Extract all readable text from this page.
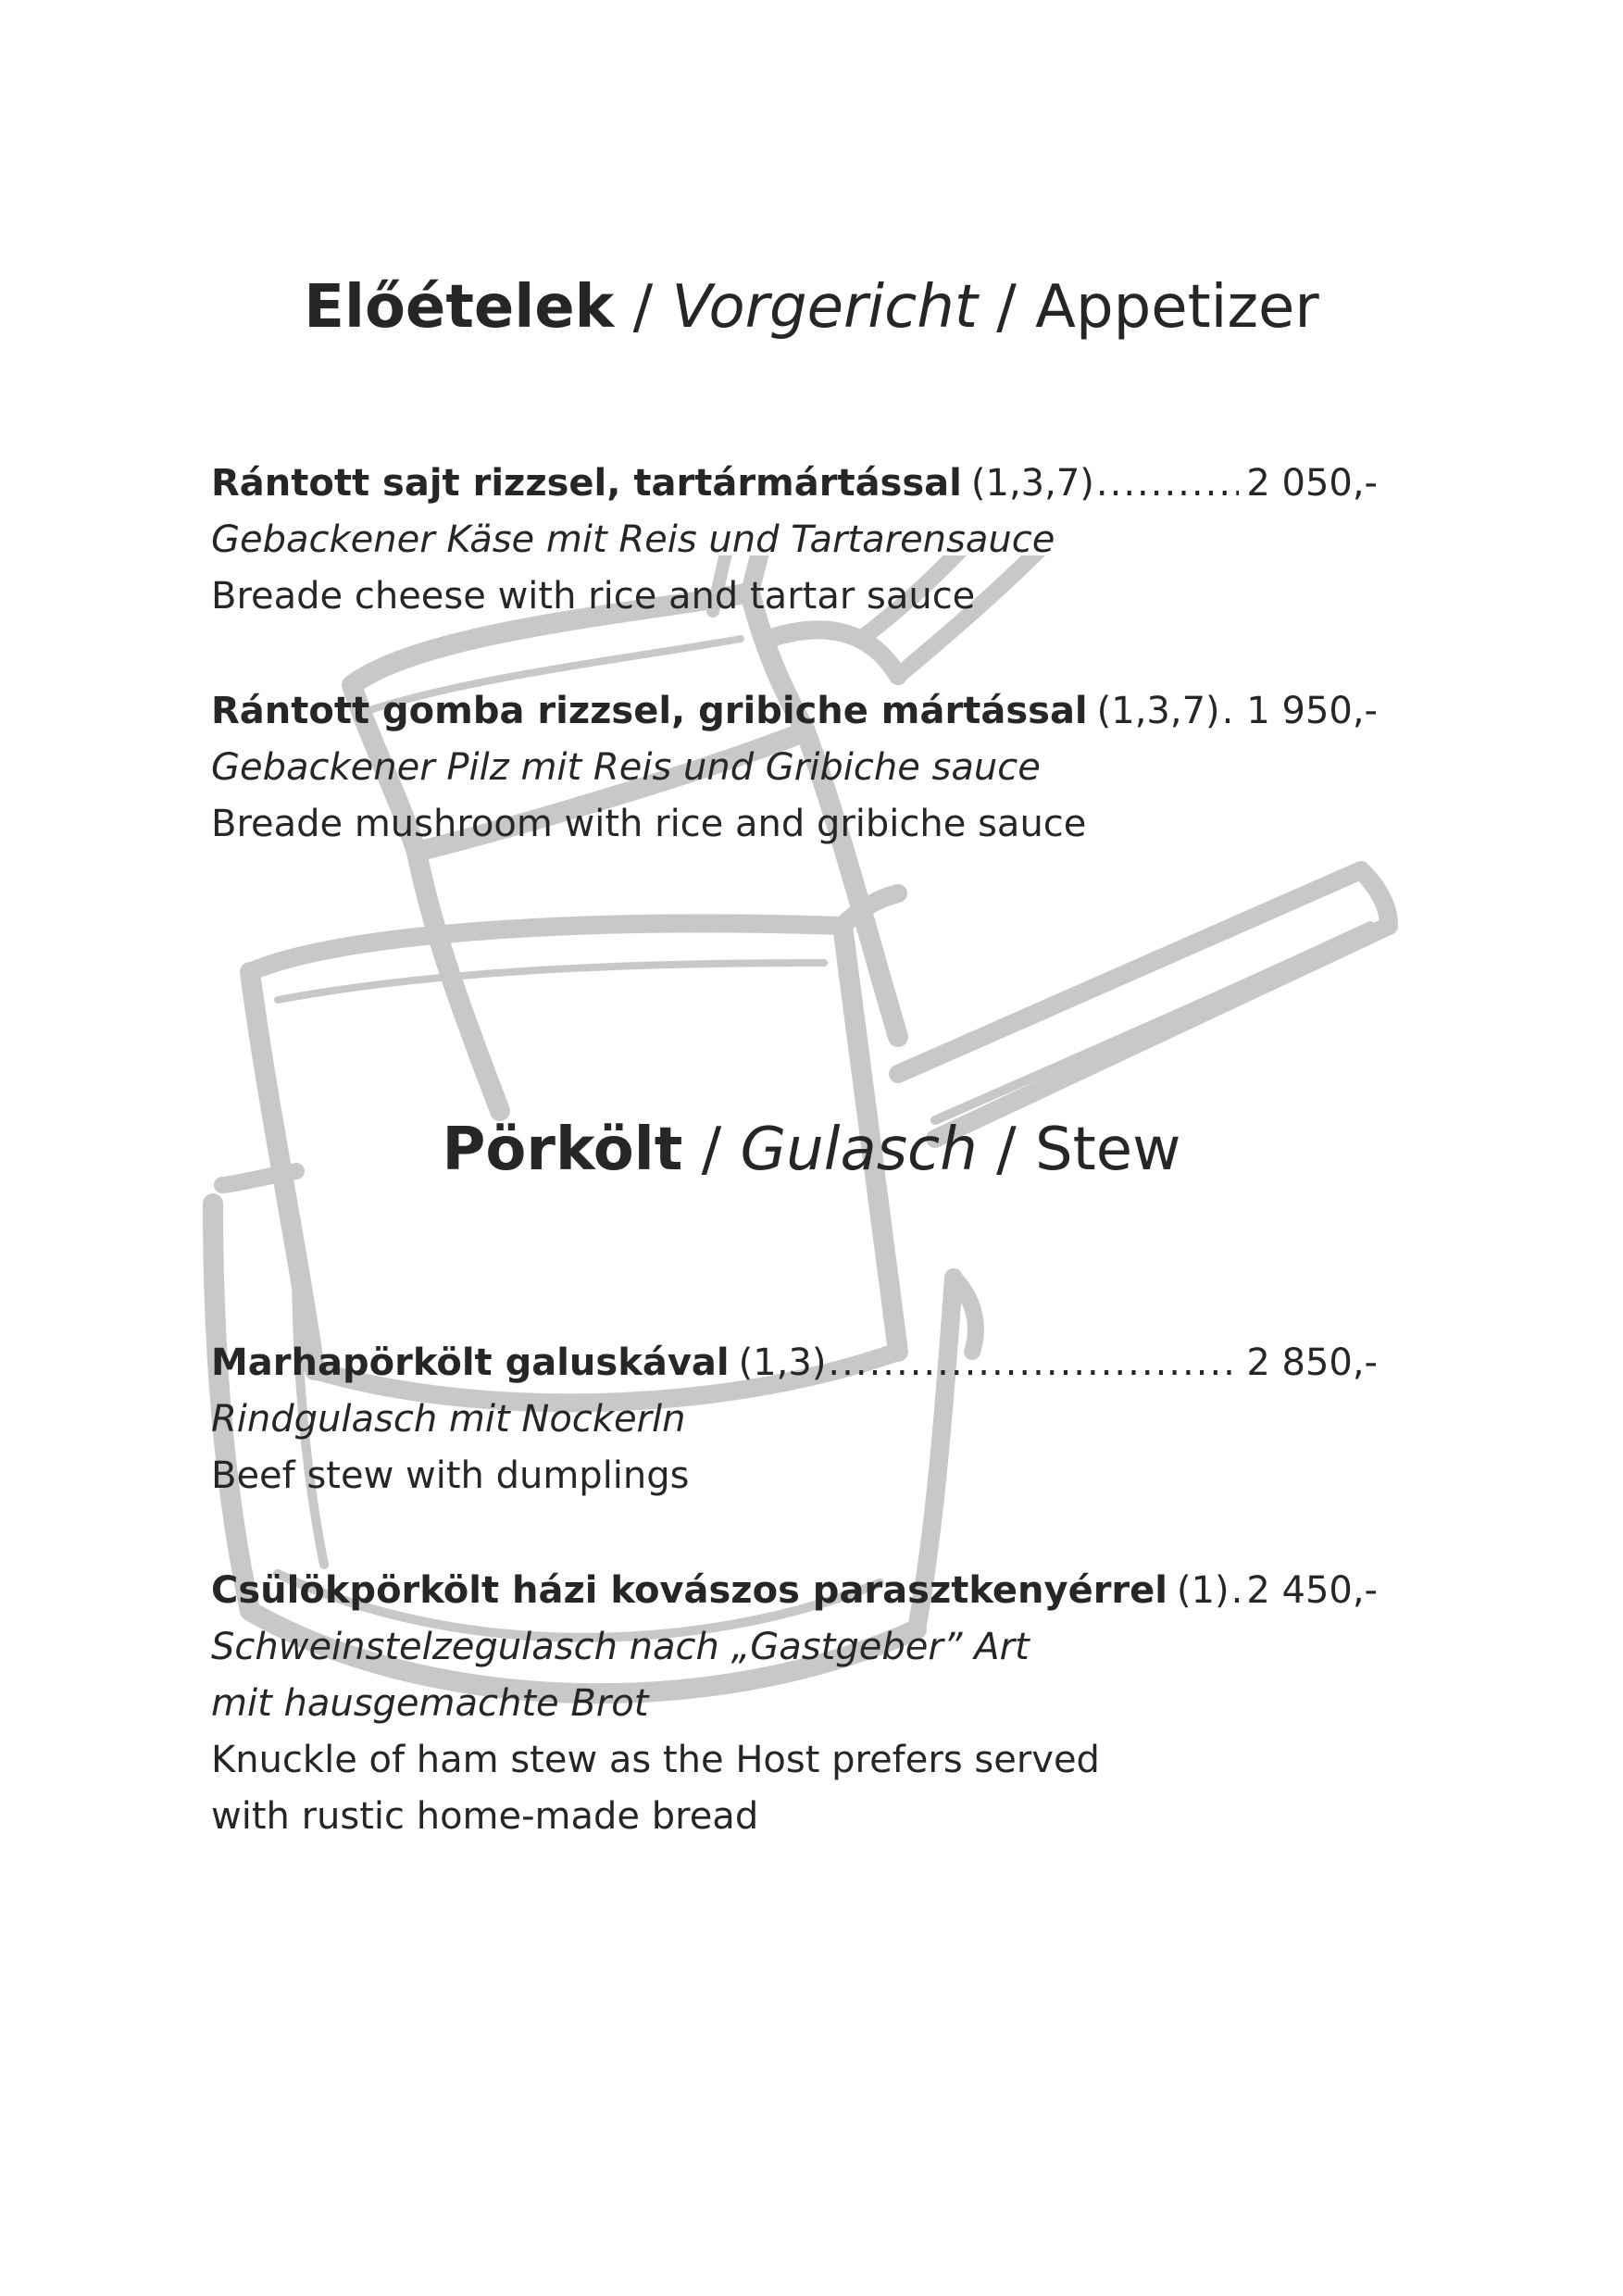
Előételek / Vorgericht / Appetizer
Rántott sajt rizzsel, tartármártással (1,3,7) .....	2 050,-
Gebackener Käse mit Reis und Tartarensauce
Breade cheese with rice and tartar sauce
Rántott gomba rizzsel, gribiche mártással (1,3,7) ..... 1 950,-
Gebackener Pilz mit Reis und Gribiche sauce
Breade mushroom with rice and gribiche sauce
Pörkölt / Gulasch / Stew
Marhapörkölt galuskával (1,3) .....	2 850,-
Rindgulasch mit Nockerln
Beef stew with dumplings
Csülökpörkölt házi kovászos parasztkenyérrel (1) ..... 2 450,-
Schweinstelzegulasch nach „Gastgeber” Art
mit hausgemachte Brot
Knuckle of ham stew as the Host prefers served
with rustic home-made bread
